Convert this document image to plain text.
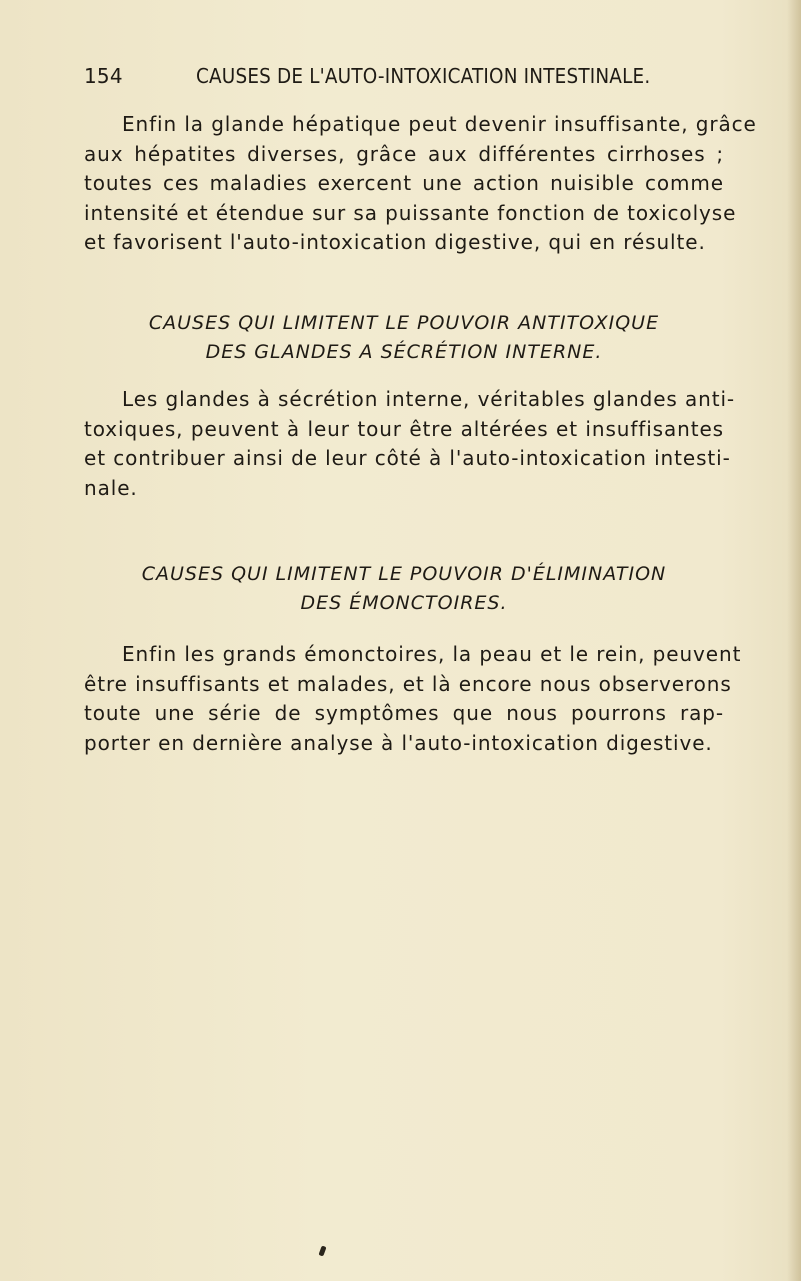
154	CAUSES DE L'AUTO-INTOXICATION INTESTINALE.
Enfin la glande hépatique peut devenir insuffisante, grâce
aux hépatites diverses, grâce aux différentes cirrhoses ;
toutes ces maladies exercent une action nuisible comme
intensité et étendue sur sa puissante fonction de toxicolyse
et favorisent l'auto-intoxication digestive, qui en résulte.
CAUSES QUI LIMITENT LE POUVOIR ANTITOXIQUE
DES GLANDES A SÉCRÉTION INTERNE.
Les glandes à sécrétion interne, véritables glandes anti-
toxiques, peuvent à leur tour être altérées et insuffisantes
et contribuer ainsi de leur côté à l'auto-intoxication intesti-
nale.
CAUSES QUI LIMITENT LE POUVOIR D'ÉLIMINATION
DES ÉMONCTOIRES.
Enfin les grands émonctoires, la peau et le rein, peuvent
être insuffisants et malades, et là encore nous observerons
toute une série de symptômes que nous pourrons rap-
porter en dernière analyse à l'auto-intoxication digestive.
